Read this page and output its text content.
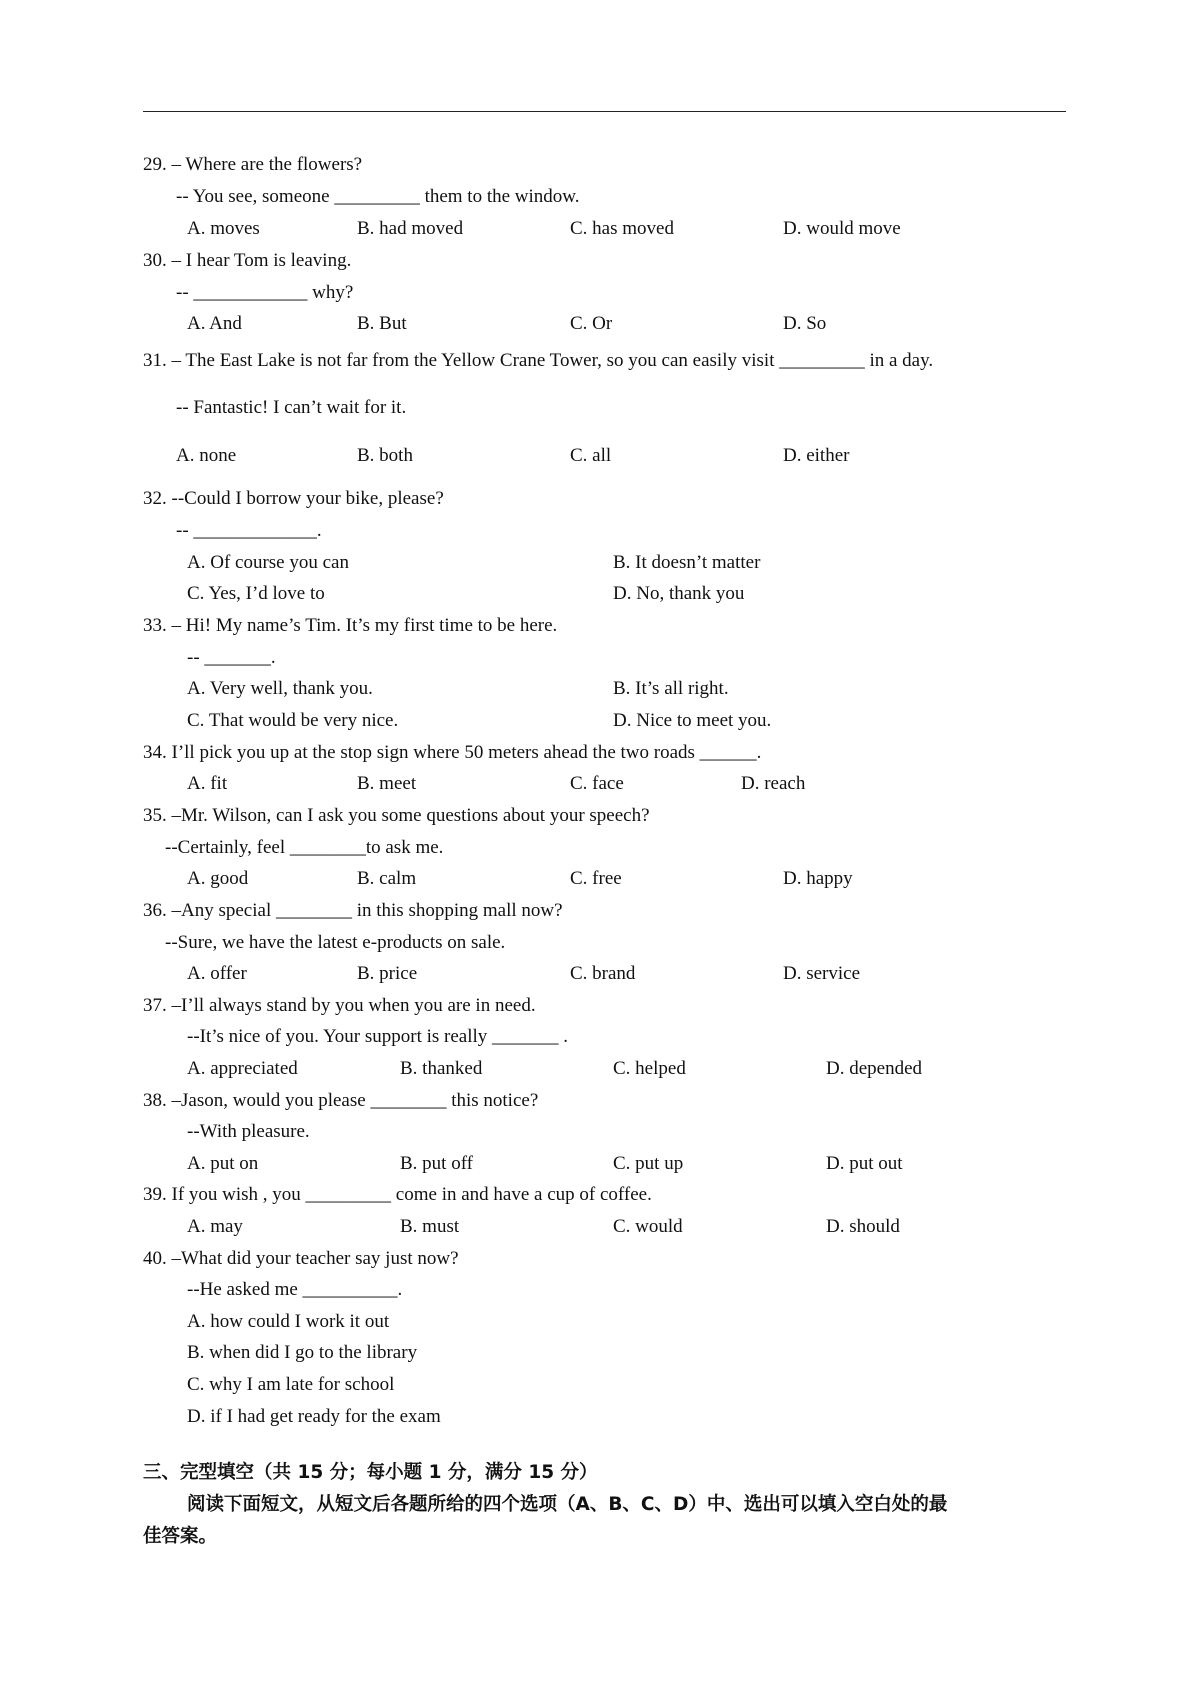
29. – Where are the flowers?
-- You see, someone _________ them to the window.
A. moves	B. had moved	C. has moved	D. would move
30. – I hear Tom is leaving.
-- ____________ why?
A. And	B. But	C. Or	D. So
31. – The East Lake is not far from the Yellow Crane Tower, so you can easily visit _________ in a day.
-- Fantastic! I can’t wait for it.
A. none	B. both	C. all	D. either
32. --Could I borrow your bike, please?
-- _____________.
A. Of course you can	B. It doesn’t matter
C. Yes, I’d love to	D. No, thank you
33. – Hi! My name’s Tim. It’s my first time to be here.
-- _______.
A. Very well, thank you.	B. It’s all right.
C. That would be very nice.	D. Nice to meet you.
34. I’ll pick you up at the stop sign where 50 meters ahead the two roads ______.
A. fit	B. meet	C. face	D. reach
35. –Mr. Wilson, can I ask you some questions about your speech?
--Certainly, feel ________to ask me.
A. good	B. calm	C. free	D. happy
36. –Any special ________ in this shopping mall now?
--Sure, we have the latest e-products on sale.
A. offer	B. price	C. brand	D. service
37. –I’ll always stand by you when you are in need.
--It’s nice of you. Your support is really _______ .
A. appreciated	B. thanked	C. helped	D. depended
38. –Jason, would you please ________ this notice?
--With pleasure.
A. put on	B. put off	C. put up	D. put out
39. If you wish , you _________ come in and have a cup of coffee.
A. may	B. must	C. would	D. should
40. –What did your teacher say just now?
--He asked me __________.
A. how could I work it out
B. when did I go to the library
C. why I am late for school
D. if I had get ready for the exam
三、完型填空（共 15 分；每小题 1 分，满分 15 分）
阅读下面短文，从短文后各题所给的四个选项（A、B、C、D）中、选出可以填入空白处的最
佳答案。
